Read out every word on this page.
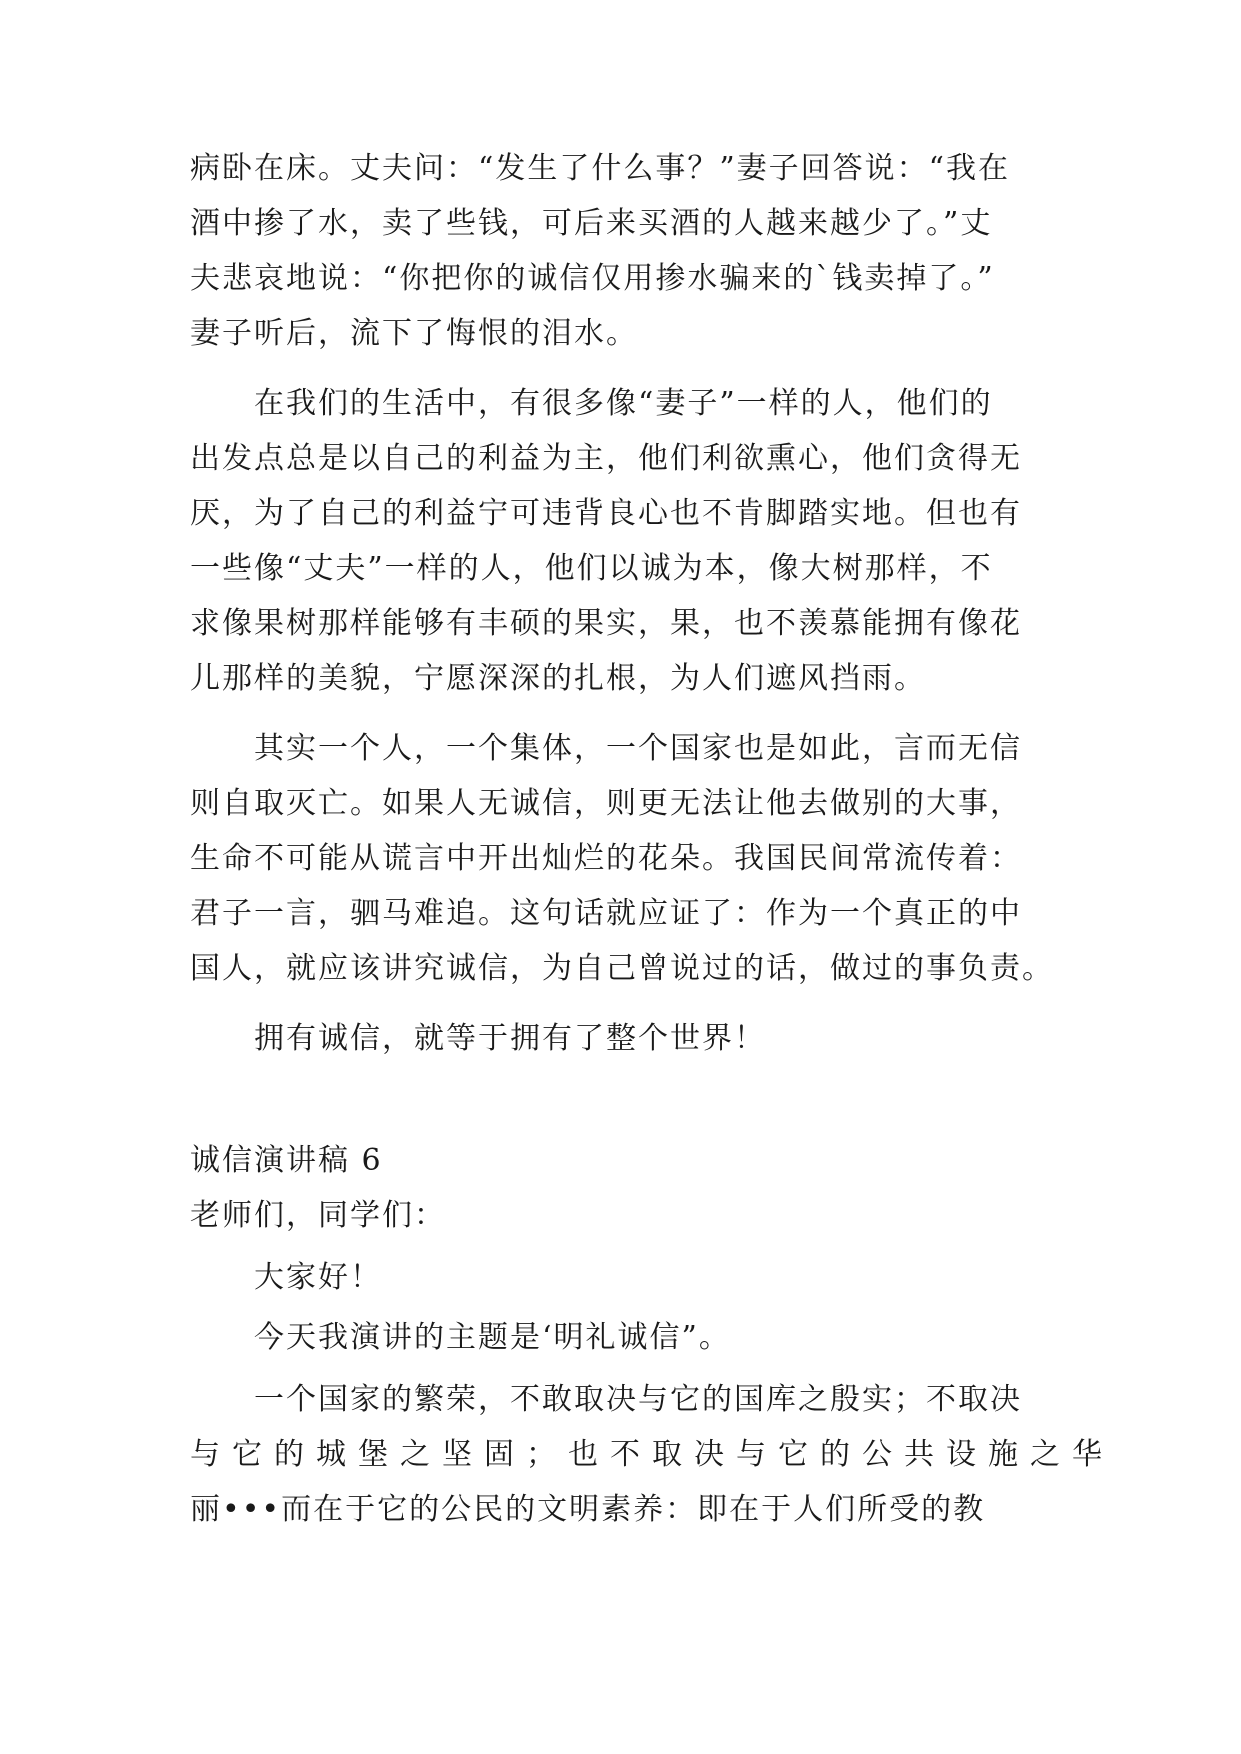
病卧在床。丈夫问：“发生了什么事？”妻子回答说：“我在
酒中掺了水，卖了些钱，可后来买酒的人越来越少了。”丈
夫悲哀地说：“你把你的诚信仅用掺水骗来的`钱卖掉了。”
妻子听后，流下了悔恨的泪水。
在我们的生活中，有很多像“妻子”一样的人，他们的
出发点总是以自己的利益为主，他们利欲熏心，他们贪得无
厌，为了自己的利益宁可违背良心也不肯脚踏实地。但也有
一些像“丈夫”一样的人，他们以诚为本，像大树那样，不
求像果树那样能够有丰硕的果实，果，也不羡慕能拥有像花
儿那样的美貌，宁愿深深的扎根，为人们遮风挡雨。
其实一个人，一个集体，一个国家也是如此，言而无信
则自取灭亡。如果人无诚信，则更无法让他去做别的大事，
生命不可能从谎言中开出灿烂的花朵。我国民间常流传着：
君子一言，驷马难追。这句话就应证了：作为一个真正的中
国人，就应该讲究诚信，为自己曾说过的话，做过的事负责。
拥有诚信，就等于拥有了整个世界！
诚信演讲稿 6
老师们，同学们：
大家好！
今天我演讲的主题是‘明礼诚信”。
一个国家的繁荣，不敢取决与它的国库之殷实；不取决
与它的城堡之坚固；也不取决与它的公共设施之华
丽•••而在于它的公民的文明素养：即在于人们所受的教
